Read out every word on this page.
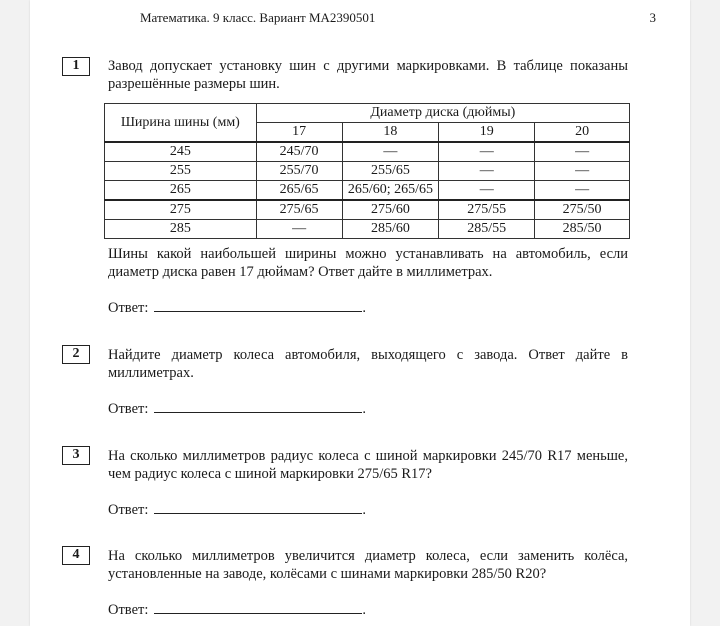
Математика. 9 класс. Вариант МА2390501	3
1	Завод допускает установку шин с другими маркировками. В таблице показаны разрешённые размеры шин.
Ширина шины (мм)	Диаметр диска (дюймы)			
	17	18	19	20
245	245/70	—	—	—
255	255/70	255/65	—	—
265	265/65	265/60; 265/65	—	—
275	275/65	275/60	275/55	275/50
285	—	285/60	285/55	285/50
Шины какой наибольшей ширины можно устанавливать на автомобиль, если диаметр диска равен 17 дюймам? Ответ дайте в миллиметрах.
Ответ:	.
2	Найдите диаметр колеса автомобиля, выходящего с завода. Ответ дайте в миллиметрах.
Ответ:	.
3	На сколько миллиметров радиус колеса с шиной маркировки 245/70 R17 меньше, чем радиус колеса с шиной маркировки 275/65 R17?
Ответ:	.
4	На сколько миллиметров увеличится диаметр колеса, если заменить колёса, установленные на заводе, колёсами с шинами маркировки 285/50 R20?
Ответ:	.
